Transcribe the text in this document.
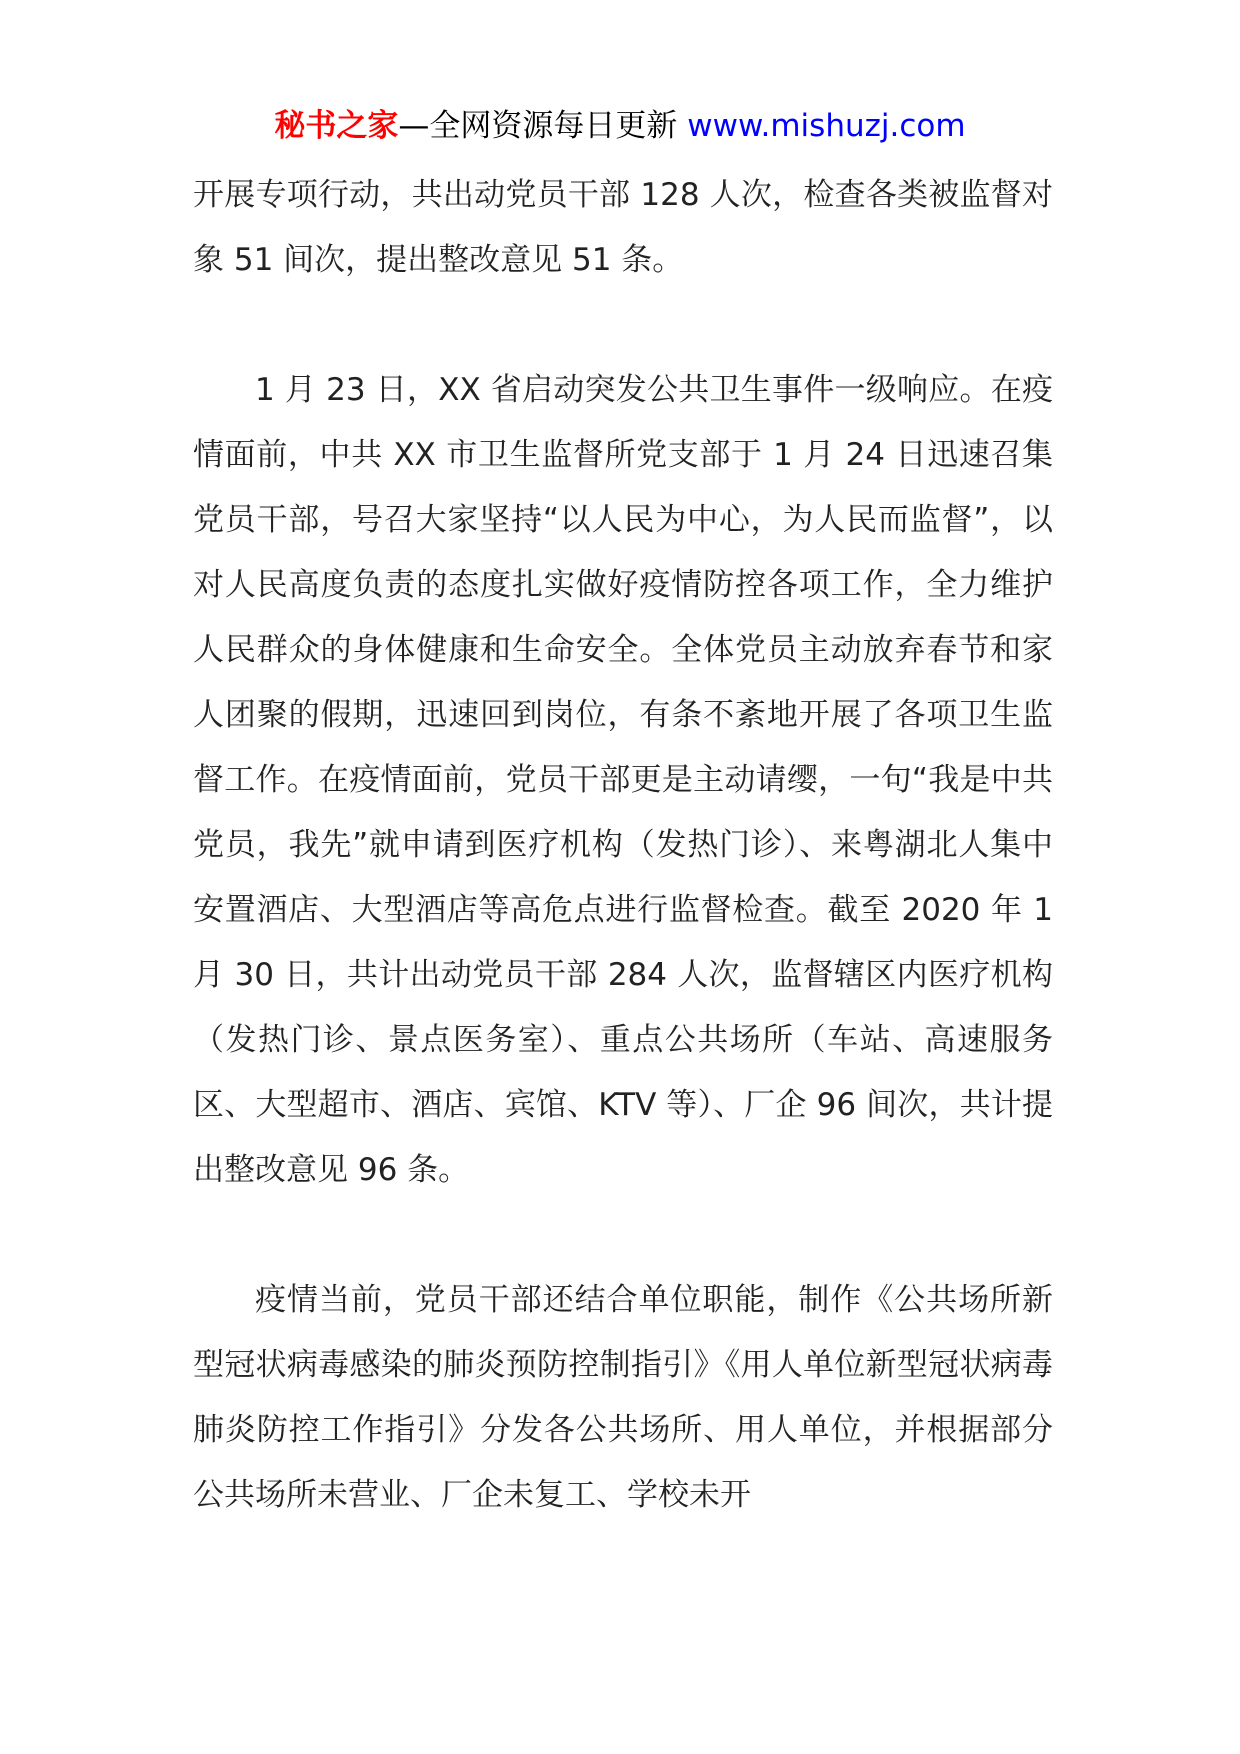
秘书之家—全网资源每日更新 www.mishuzj.com

开展专项行动，共出动党员干部 128 人次，检查各类被监督对象 51 间次，提出整改意见 51 条。

1 月 23 日，XX 省启动突发公共卫生事件一级响应。在疫情面前，中共 XX 市卫生监督所党支部于 1 月 24 日迅速召集党员干部，号召大家坚持“以人民为中心，为人民而监督”，以对人民高度负责的态度扎实做好疫情防控各项工作，全力维护人民群众的身体健康和生命安全。全体党员主动放弃春节和家人团聚的假期，迅速回到岗位，有条不紊地开展了各项卫生监督工作。在疫情面前，党员干部更是主动请缨，一句“我是中共党员，我先”就申请到医疗机构（发热门诊）、来粤湖北人集中安置酒店、大型酒店等高危点进行监督检查。截至 2020 年 1 月 30 日，共计出动党员干部 284 人次，监督辖区内医疗机构（发热门诊、景点医务室）、重点公共场所（车站、高速服务区、大型超市、酒店、宾馆、KTV 等）、厂企 96 间次，共计提出整改意见 96 条。

疫情当前，党员干部还结合单位职能，制作《公共场所新型冠状病毒感染的肺炎预防控制指引》《用人单位新型冠状病毒肺炎防控工作指引》分发各公共场所、用人单位，并根据部分公共场所未营业、厂企未复工、学校未开
